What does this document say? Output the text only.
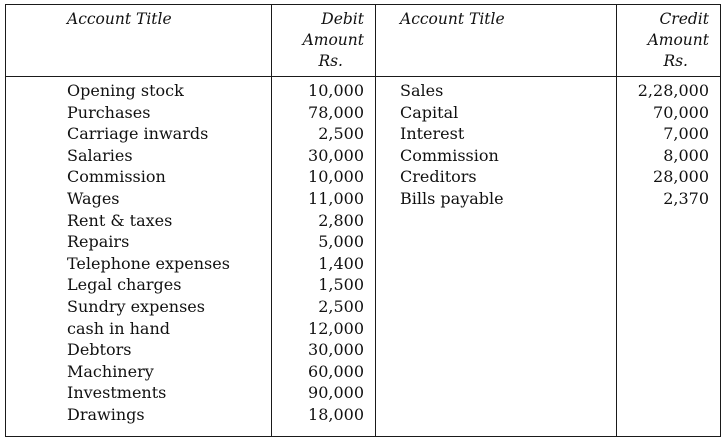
Account Title	Debit
Amount
Rs.
Account Title	Credit
Amount
Rs.
Opening stock
Purchases
Carriage inwards
Salaries
Commission
Wages
Rent & taxes
Repairs
Telephone expenses
Legal charges
Sundry expenses
cash in hand
Debtors
Machinery
Investments
Drawings
10,000
78,000
2,500
30,000
10,000
11,000
2,800
5,000
1,400
1,500
2,500
12,000
30,000
60,000
90,000
18,000
Sales
Capital
Interest
Commission
Creditors
Bills payable
2,28,000
70,000
7,000
8,000
28,000
2,370
